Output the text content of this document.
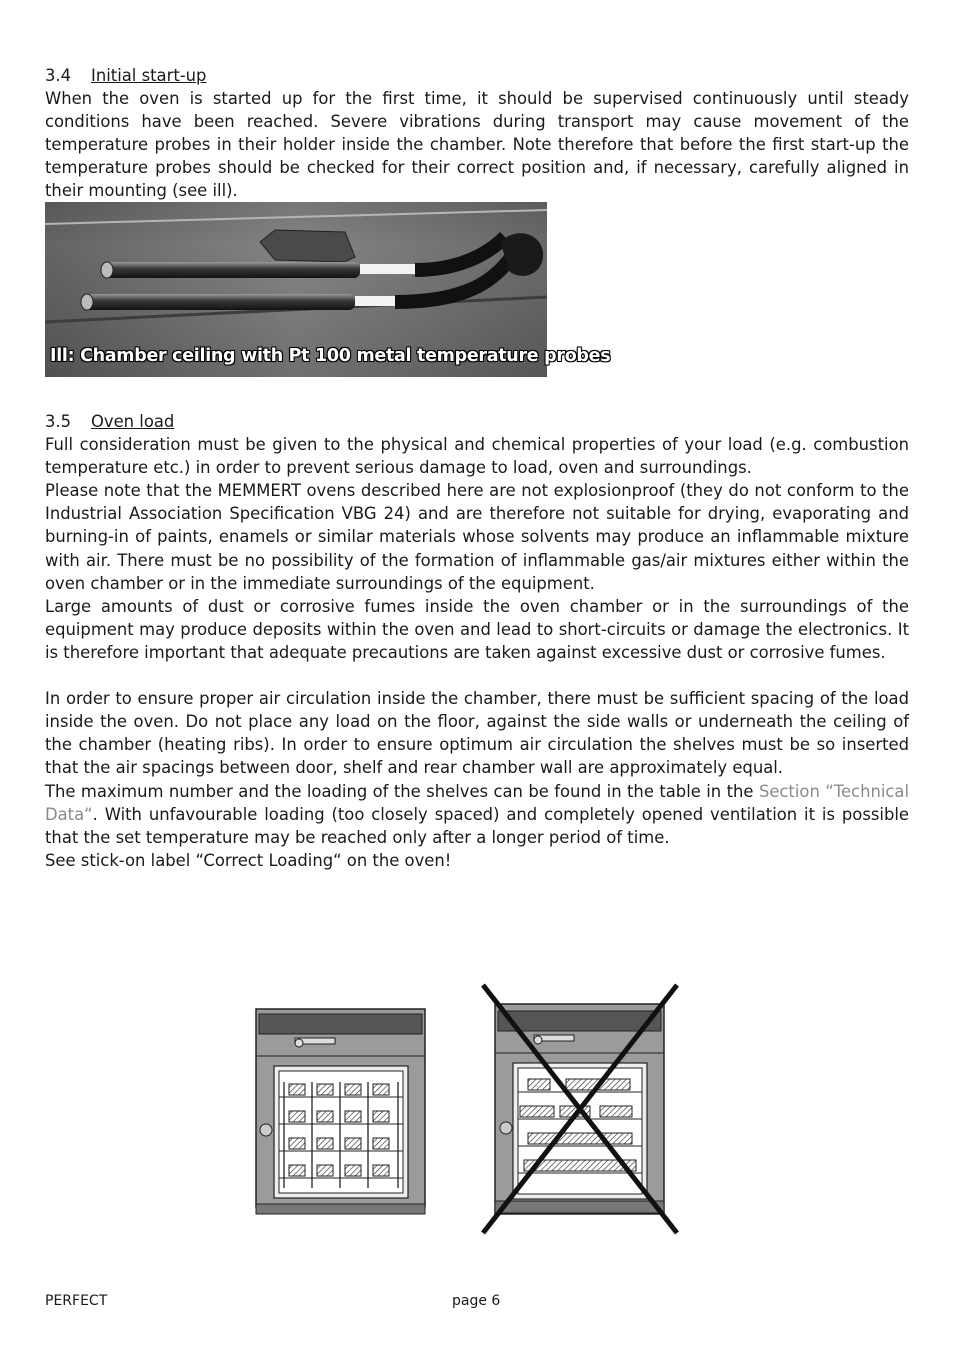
3.4 Initial start-up

When the oven is started up for the first time, it should be supervised continuously until steady conditions have been reached. Severe vibrations during transport may cause movement of the temperature probes in their holder inside the chamber. Note therefore that before the first start-up the temperature probes should be checked for their correct position and, if necessary, carefully aligned in their mounting (see ill).

Ill: Chamber ceiling with Pt 100 metal temperature probes
3.5 Oven load

Full consideration must be given to the physical and chemical properties of your load (e.g. combustion temperature etc.) in order to prevent serious damage to load, oven and surroundings.

Please note that the MEMMERT ovens described here are not explosionproof (they do not conform to the Industrial Association Specification VBG 24) and are therefore not suitable for drying, evaporating and burning-in of paints, enamels or similar materials whose solvents may produce an inflammable mixture with air. There must be no possibility of the formation of inflammable gas/air mixtures either within the oven chamber or in the immediate surroundings of the equipment.

Large amounts of dust or corrosive fumes inside the oven chamber or in the surroundings of the equipment may produce deposits within the oven and lead to short-circuits or damage the electronics. It is therefore important that adequate precautions are taken against excessive dust or corrosive fumes.

In order to ensure proper air circulation inside the chamber, there must be sufficient spacing of the load inside the oven. Do not place any load on the floor, against the side walls or underneath the ceiling of the chamber (heating ribs). In order to ensure optimum air circulation the shelves must be so inserted that the air spacings between door, shelf and rear chamber wall are approximately equal.

The maximum number and the loading of the shelves can be found in the table in the Section “Technical Data“. With unfavourable loading (too closely spaced) and completely opened ventilation it is possible that the set temperature may be reached only after a longer period of time.

See stick-on label “Correct Loading“ on the oven!

PERFECT	page 6
